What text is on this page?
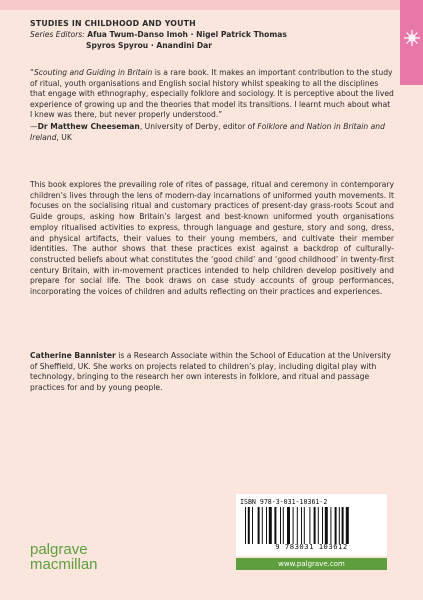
STUDIES IN CHILDHOOD AND YOUTH
Series Editors: Afua Twum-Danso Imoh · Nigel Patrick Thomas
Spyros Spyrou · Anandini Dar

“Scouting and Guiding in Britain is a rare book. It makes an important contribution to the study of ritual, youth organisations and English social history whilst speaking to all the disciplines that engage with ethnography, especially folklore and sociology. It is perceptive about the lived experience of growing up and the theories that model its transitions. I learnt much about what I knew was there, but never properly understood.”

—Dr Matthew Cheeseman, University of Derby, editor of Folklore and Nation in Britain and Ireland, UK

This book explores the prevailing role of rites of passage, ritual and ceremony in contemporary children’s lives through the lens of modern-day incarnations of uniformed youth movements. It focuses on the socialising ritual and customary practices of present-day grass-roots Scout and Guide groups, asking how Britain’s largest and best-known uniformed youth organisations employ ritualised activities to express, through language and gesture, story and song, dress, and physical artifacts, their values to their young members, and cultivate their member identities. The author shows that these practices exist against a backdrop of culturally-constructed beliefs about what constitutes the ‘good child’ and ‘good childhood’ in twenty-first century Britain, with in-movement practices intended to help children develop positively and prepare for social life. The book draws on case study accounts of group performances, incorporating the voices of children and adults reflecting on their practices and experiences.

Catherine Bannister is a Research Associate within the School of Education at the University of Sheffield, UK. She works on projects related to children’s play, including digital play with technology, bringing to the research her own interests in folklore, and ritual and passage practices for and by young people.

ISBN 978-3-031-10361-2
9 783031 103612
www.palgrave.com
palgrave
macmillan
